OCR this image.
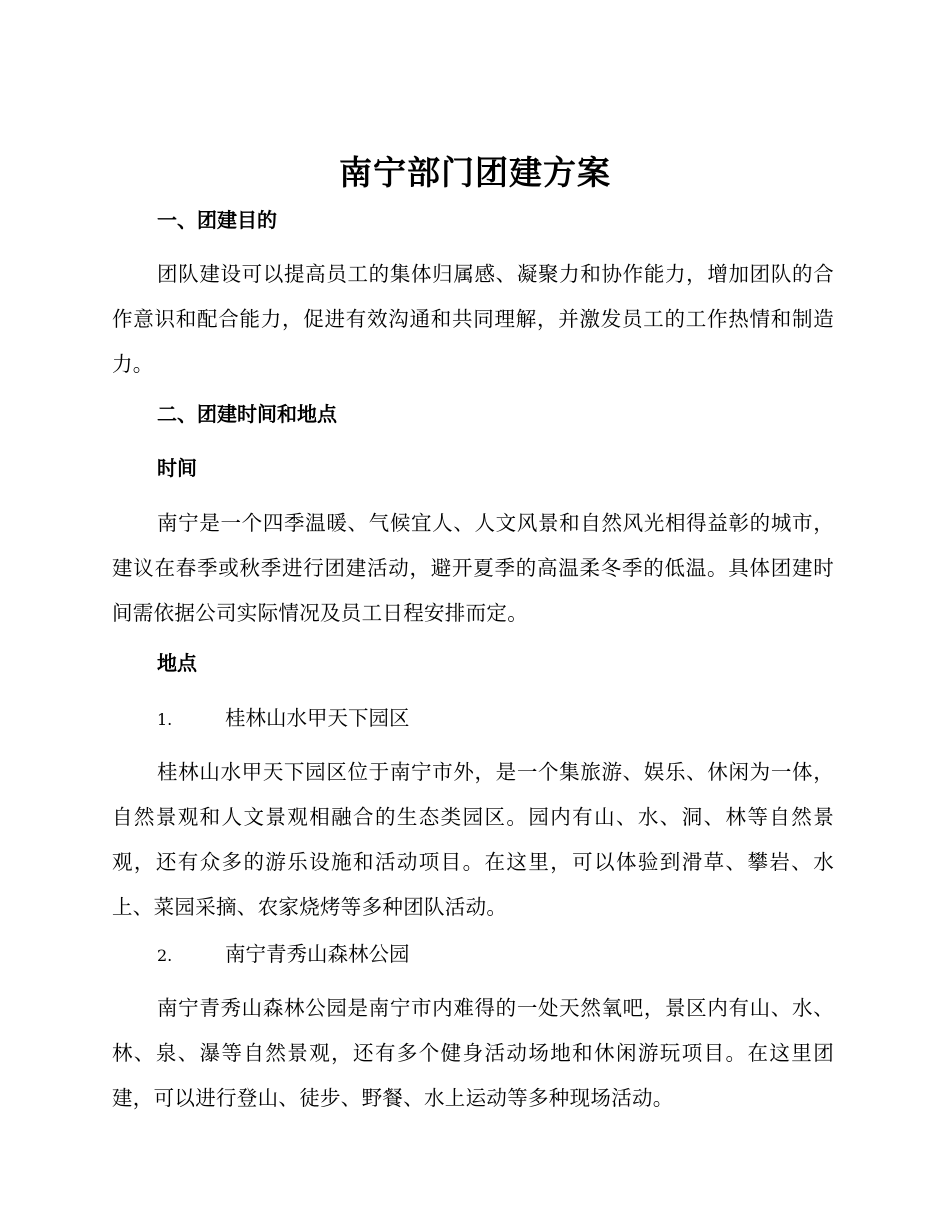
南宁部门团建方案
一、团建目的
团队建设可以提高员工的集体归属感、凝聚力和协作能力，增加团队的合作意识和配合能力，促进有效沟通和共同理解，并激发员工的工作热情和制造力。
二、团建时间和地点
时间
南宁是一个四季温暖、气候宜人、人文风景和自然风光相得益彰的城市，建议在春季或秋季进行团建活动，避开夏季的高温柔冬季的低温。具体团建时间需依据公司实际情况及员工日程安排而定。
地点
1.	桂林山水甲天下园区
桂林山水甲天下园区位于南宁市外，是一个集旅游、娱乐、休闲为一体，自然景观和人文景观相融合的生态类园区。园内有山、水、洞、林等自然景观，还有众多的游乐设施和活动项目。在这里，可以体验到滑草、攀岩、水上、菜园采摘、农家烧烤等多种团队活动。
2.	南宁青秀山森林公园
南宁青秀山森林公园是南宁市内难得的一处天然氧吧，景区内有山、水、林、泉、瀑等自然景观，还有多个健身活动场地和休闲游玩项目。在这里团建，可以进行登山、徒步、野餐、水上运动等多种现场活动。
